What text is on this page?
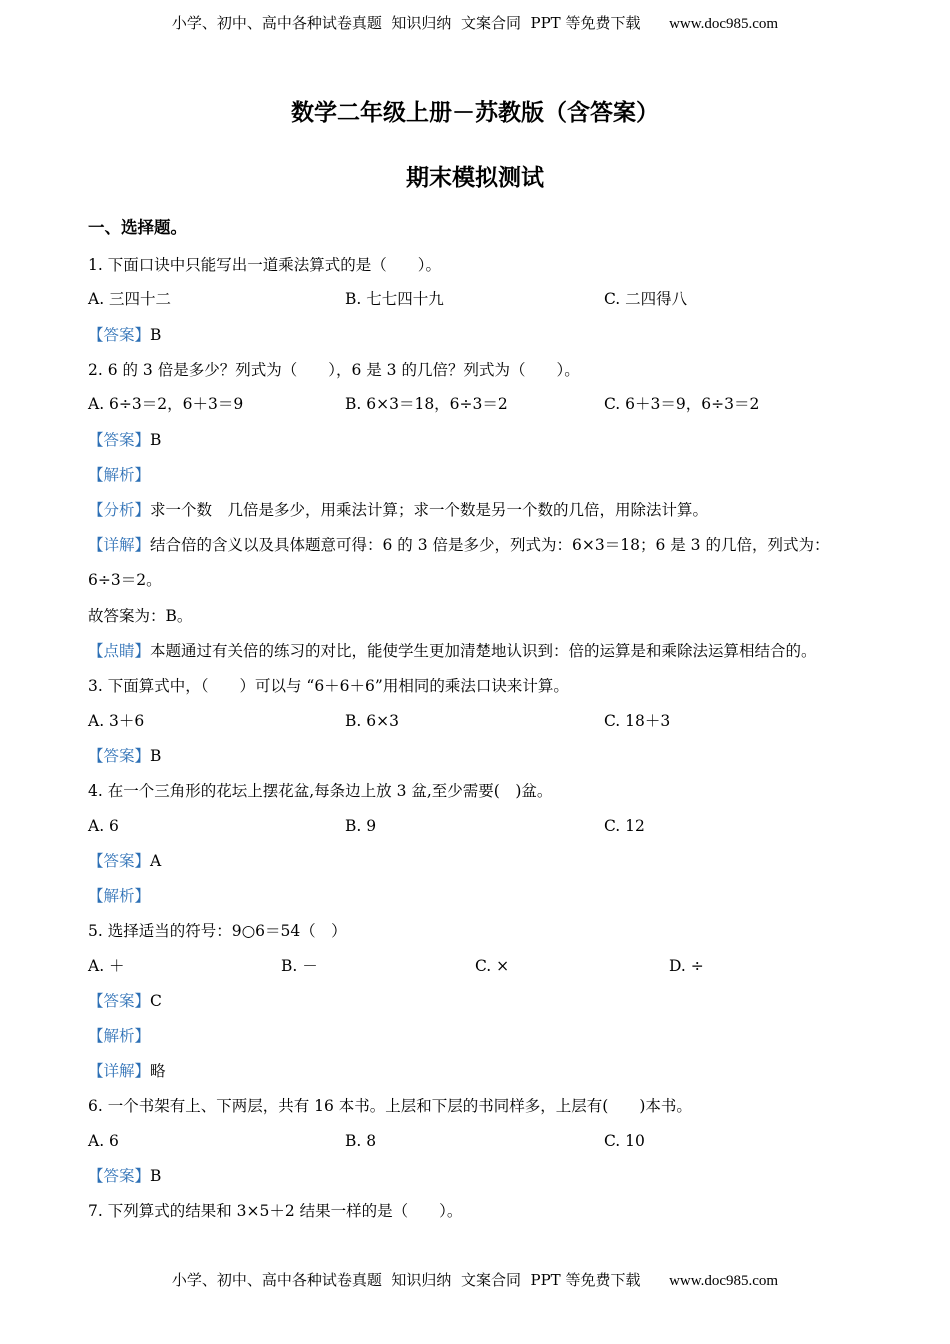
小学、初中、高中各种试卷真题  知识归纳  文案合同  PPT 等免费下载 www.doc985.com
数学二年级上册－苏教版（含答案）
期末模拟测试
一、选择题。
1. 下面口诀中只能写出一道乘法算式的是（　　）。
A. 三四十二	B. 七七四十九	C. 二四得八
【答案】B
2. 6 的 3 倍是多少？列式为（　　），6 是 3 的几倍？列式为（　　）。
A. 6÷3＝2，6＋3＝9	B. 6×3＝18，6÷3＝2	C. 6＋3＝9，6÷3＝2
【答案】B
【解析】
【分析】求一个数　几倍是多少，用乘法计算；求一个数是另一个数的几倍，用除法计算。
【详解】结合倍的含义以及具体题意可得：6 的 3 倍是多少，列式为：6×3＝18；6 是 3 的几倍，列式为：
6÷3＝2。
故答案为：B。
【点睛】本题通过有关倍的练习的对比，能使学生更加清楚地认识到：倍的运算是和乘除法运算相结合的。
3. 下面算式中，（　　）可以与 “6＋6＋6”用相同的乘法口诀来计算。
A. 3＋6	B. 6×3	C. 18＋3
【答案】B
4. 在一个三角形的花坛上摆花盆,每条边上放 3 盆,至少需要(　)盆。
A. 6	B. 9	C. 12
【答案】A
【解析】
5. 选择适当的符号：9○6＝54（　）
A. ＋	B. －	C. ×	D. ÷
【答案】C
【解析】
【详解】略
6. 一个书架有上、下两层，共有 16 本书。上层和下层的书同样多，上层有(　　)本书。
A. 6	B. 8	C. 10
【答案】B
7. 下列算式的结果和 3×5＋2 结果一样的是（　　）。
小学、初中、高中各种试卷真题  知识归纳  文案合同  PPT 等免费下载 www.doc985.com
